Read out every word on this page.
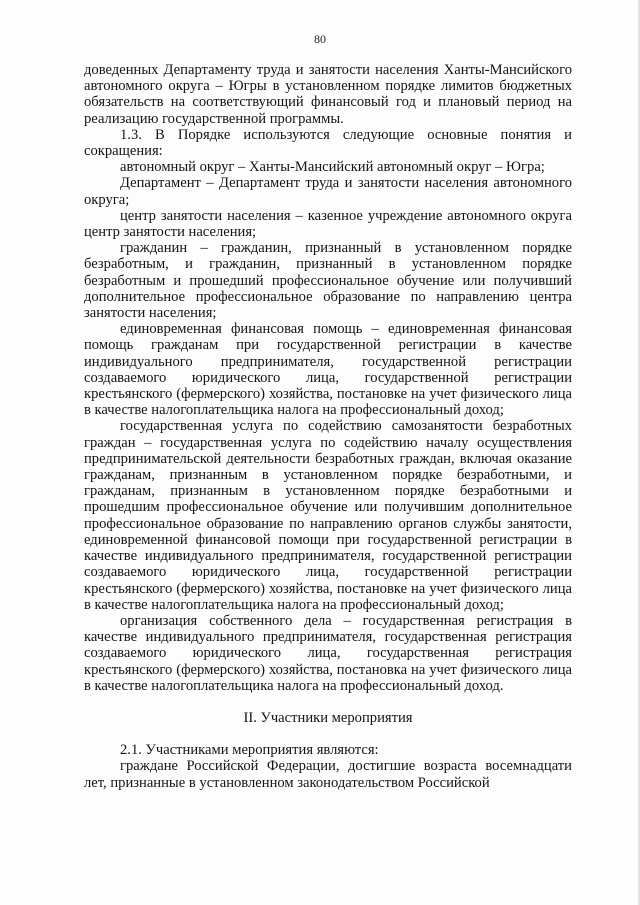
80

доведенных Департаменту труда и занятости населения Ханты-Мансийского автономного округа – Югры в установленном порядке лимитов бюджетных обязательств на соответствующий финансовый год и плановый период на реализацию государственной программы.

1.3. В Порядке используются следующие основные понятия и сокращения:

автономный округ – Ханты-Мансийский автономный округ – Югра;

Департамент – Департамент труда и занятости населения автономного округа;

центр занятости населения – казенное учреждение автономного округа центр занятости населения;

гражданин – гражданин, признанный в установленном порядке безработным, и гражданин, признанный в установленном порядке безработным и прошедший профессиональное обучение или получивший дополнительное профессиональное образование по направлению центра занятости населения;

единовременная финансовая помощь – единовременная финансовая помощь гражданам при государственной регистрации в качестве индивидуального предпринимателя, государственной регистрации создаваемого юридического лица, государственной регистрации крестьянского (фермерского) хозяйства, постановке на учет физического лица в качестве налогоплательщика налога на профессиональный доход;

государственная услуга по содействию самозанятости безработных граждан – государственная услуга по содействию началу осуществления предпринимательской деятельности безработных граждан, включая оказание гражданам, признанным в установленном порядке безработными, и гражданам, признанным в установленном порядке безработными и прошедшим профессиональное обучение или получившим дополнительное профессиональное образование по направлению органов службы занятости, единовременной финансовой помощи при государственной регистрации в качестве индивидуального предпринимателя, государственной регистрации создаваемого юридического лица, государственной регистрации крестьянского (фермерского) хозяйства, постановке на учет физического лица в качестве налогоплательщика налога на профессиональный доход;

организация собственного дела – государственная регистрация в качестве индивидуального предпринимателя, государственная регистрация создаваемого юридического лица, государственная регистрация крестьянского (фермерского) хозяйства, постановка на учет физического лица в качестве налогоплательщика налога на профессиональный доход.

II. Участники мероприятия

2.1. Участниками мероприятия являются:

граждане Российской Федерации, достигшие возраста восемнадцати лет, признанные в установленном законодательством Российской
